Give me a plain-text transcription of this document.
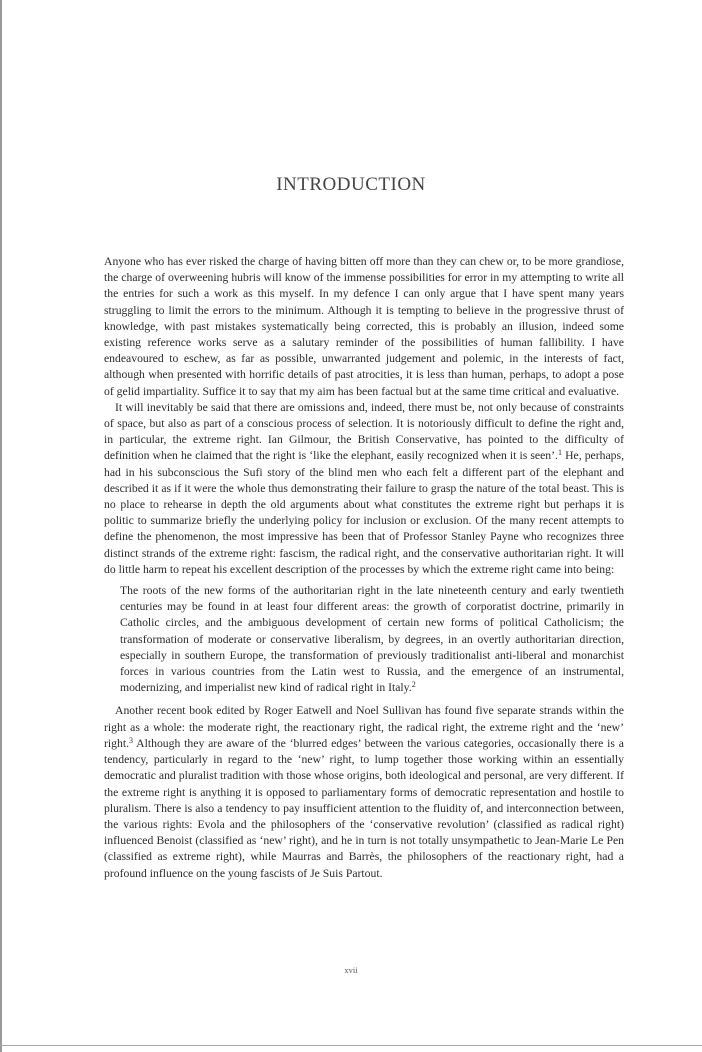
INTRODUCTION

Anyone who has ever risked the charge of having bitten off more than they can chew or, to be more grandiose, the charge of overweening hubris will know of the immense possibilities for error in my attempting to write all the entries for such a work as this myself. In my defence I can only argue that I have spent many years struggling to limit the errors to the minimum. Although it is tempting to believe in the progressive thrust of knowledge, with past mistakes systematically being corrected, this is probably an illusion, indeed some existing reference works serve as a salutary reminder of the possibilities of human fallibility. I have endeavoured to eschew, as far as possible, unwarranted judgement and polemic, in the interests of fact, although when presented with horrific details of past atrocities, it is less than human, perhaps, to adopt a pose of gelid impartiality. Suffice it to say that my aim has been factual but at the same time critical and evaluative.

It will inevitably be said that there are omissions and, indeed, there must be, not only because of constraints of space, but also as part of a conscious process of selection. It is notoriously difficult to define the right and, in particular, the extreme right. Ian Gilmour, the British Conservative, has pointed to the difficulty of definition when he claimed that the right is ‘like the elephant, easily recognized when it is seen’.$^1$ He, perhaps, had in his subconscious the Sufi story of the blind men who each felt a different part of the elephant and described it as if it were the whole thus demonstrating their failure to grasp the nature of the total beast. This is no place to rehearse in depth the old arguments about what constitutes the extreme right but perhaps it is politic to summarize briefly the underlying policy for inclusion or exclusion. Of the many recent attempts to define the phenomenon, the most impressive has been that of Professor Stanley Payne who recognizes three distinct strands of the extreme right: fascism, the radical right, and the conservative authoritarian right. It will do little harm to repeat his excellent description of the processes by which the extreme right came into being:

The roots of the new forms of the authoritarian right in the late nineteenth century and early twentieth centuries may be found in at least four different areas: the growth of corporatist doctrine, primarily in Catholic circles, and the ambiguous development of certain new forms of political Catholicism; the transformation of moderate or conservative liberalism, by degrees, in an overtly authoritarian direction, especially in southern Europe, the transformation of previously traditionalist anti-liberal and monarchist forces in various countries from the Latin west to Russia, and the emergence of an instrumental, modernizing, and imperialist new kind of radical right in Italy.$^2$

Another recent book edited by Roger Eatwell and Noel Sullivan has found five separate strands within the right as a whole: the moderate right, the reactionary right, the radical right, the extreme right and the ‘new’ right.$^3$ Although they are aware of the ‘blurred edges’ between the various categories, occasionally there is a tendency, particularly in regard to the ‘new’ right, to lump together those working within an essentially democratic and pluralist tradition with those whose origins, both ideological and personal, are very different. If the extreme right is anything it is opposed to parliamentary forms of democratic representation and hostile to pluralism. There is also a tendency to pay insufficient attention to the fluidity of, and interconnection between, the various rights: Evola and the philosophers of the ‘conservative revolution’ (classified as radical right) influenced Benoist (classified as ‘new’ right), and he in turn is not totally unsympathetic to Jean-Marie Le Pen (classified as extreme right), while Maurras and Barrès, the philosophers of the reactionary right, had a profound influence on the young fascists of Je Suis Partout.

xvii
